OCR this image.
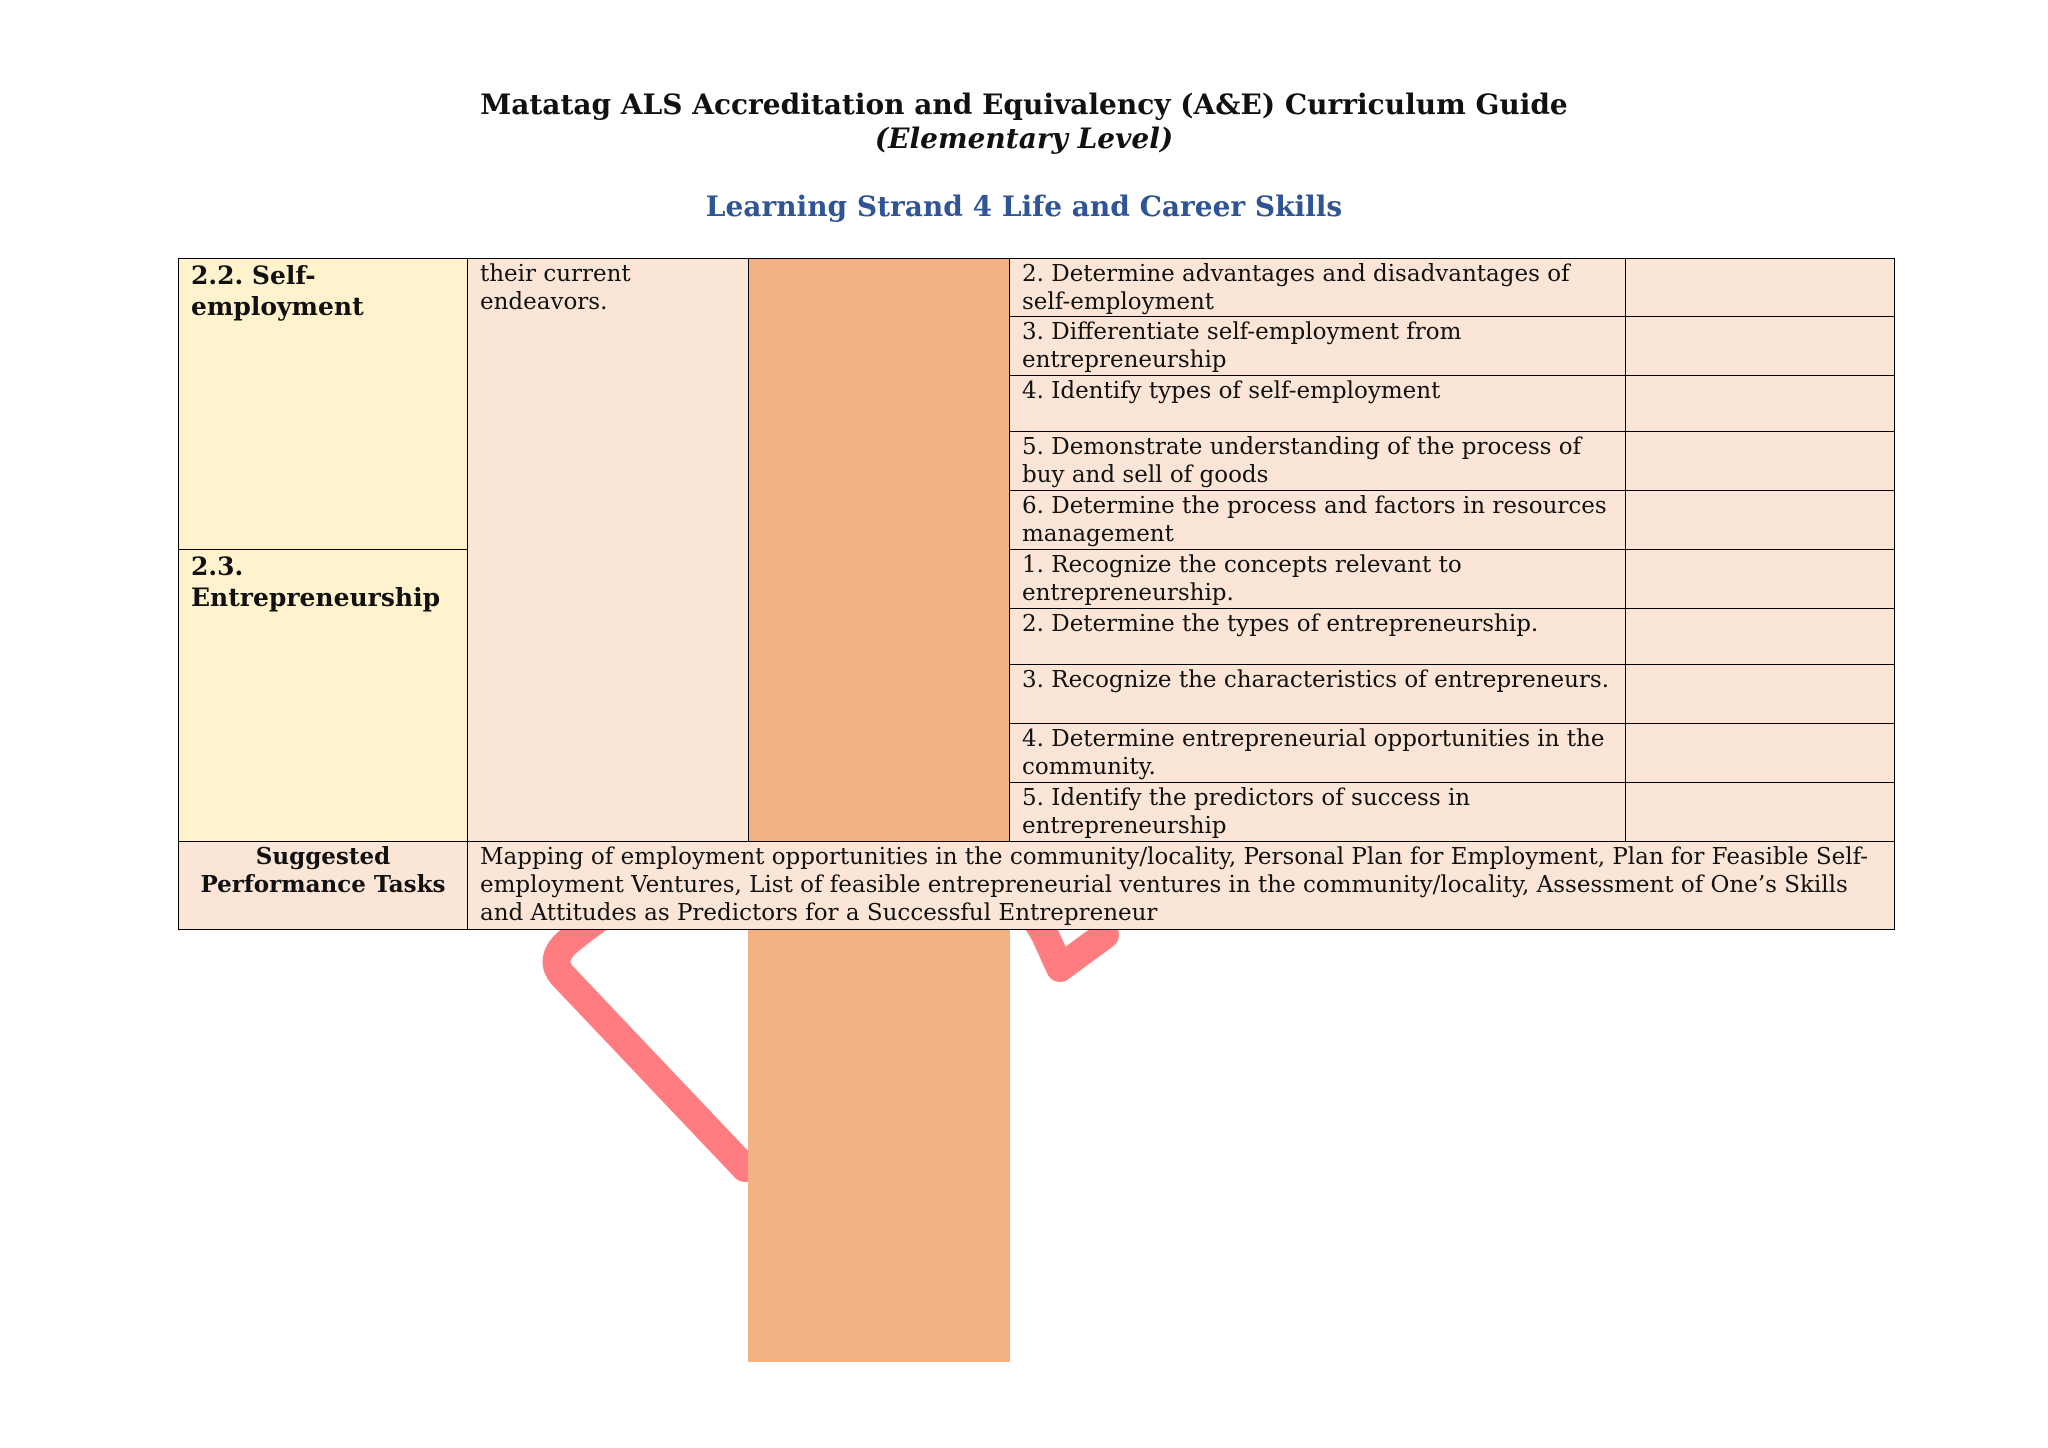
Matatag ALS Accreditation and Equivalency (A&E) Curriculum Guide
(Elementary Level)
Learning Strand 4 Life and Career Skills
2.2. Self-employment	their current endeavors.		2. Determine advantages and disadvantages of self-employment	
			3. Differentiate self-employment from entrepreneurship	
			4. Identify types of self-employment	
			5. Demonstrate understanding of the process of buy and sell of goods	
			6. Determine the process and factors in resources management	
2.3. Entrepreneurship			1. Recognize the concepts relevant to entrepreneurship.	
			2. Determine the types of entrepreneurship.	
			3. Recognize the characteristics of entrepreneurs.	
			4. Determine entrepreneurial opportunities in the community.	
			5. Identify the predictors of success in entrepreneurship	
Suggested Performance Tasks	Mapping of employment opportunities in the community/locality, Personal Plan for Employment, Plan for Feasible Self-employment Ventures, List of feasible entrepreneurial ventures in the community/locality, Assessment of One’s Skills and Attitudes as Predictors for a Successful Entrepreneur			
